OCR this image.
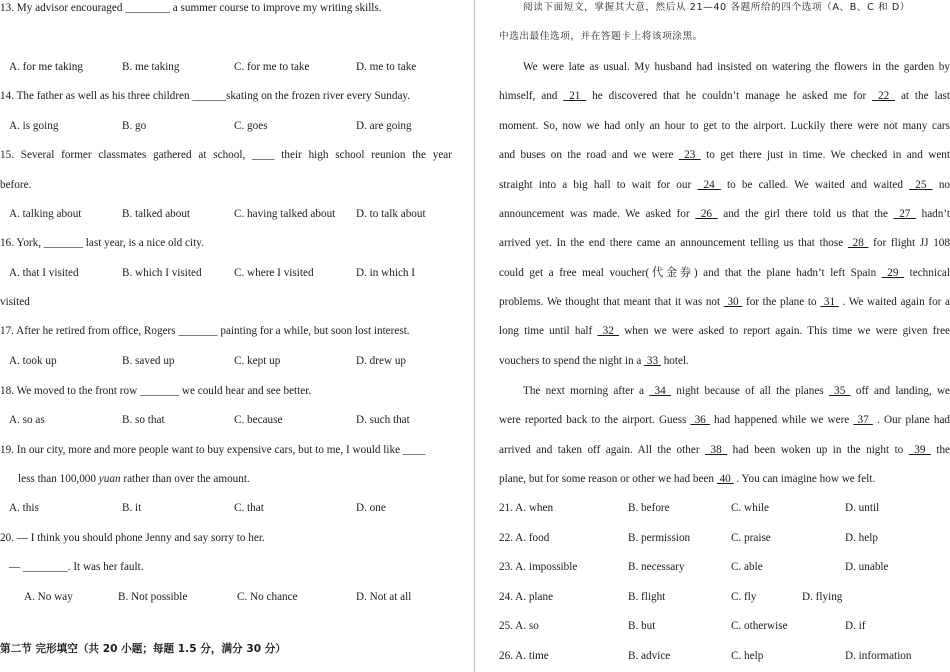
13. My advisor encouraged ________ a summer course to improve my writing skills.
A. for me taking	B. me taking	C. for me to take	D. me to take
14. The father as well as his three children ______skating on the frozen river every Sunday.
A. is going	B. go	C. goes	D. are going
15. Several former classmates gathered at school, ____ their high school reunion the year
before.
A. talking about	B. talked about	C. having talked about D. to talk about
16. York, _______ last year, is a nice old city.
A. that I visited	B. which I visited	C. where I visited	D. in which I
visited
17. After he retired from office, Rogers _______ painting for a while, but soon lost interest.
A. took up	B. saved up	C. kept up	D. drew up
18. We moved to the front row _______ we could hear and see better.
A. so as	B. so that	C. because	D. such that
19. In our city, more and more people want to buy expensive cars, but to me, I would like ____
less than 100,000 yuan rather than over the amount.
A. this	B. it	C. that	D. one
20. — I think you should phone Jenny and say sorry to her.
— ________. It was her fault.
A. No way	B. Not possible	C. No chance	D. Not at all
第二节 完形填空（共 20 小题；每题 1.5 分，满分 30 分）
阅读下面短文，掌握其大意，然后从 21—40 各题所给的四个选项（A、B、C 和 D）
中选出最佳选项，并在答题卡上将该项涂黑。
We were late as usual. My husband had insisted on watering the flowers in the garden by
himself, and  21  he discovered that he couldn’t manage he asked me for  22  at the last
moment. So, now we had only an hour to get to the airport. Luckily there were not many cars
and buses on the road and we were  23  to get there just in time. We checked in and went
straight into a big hall to wait for our  24  to be called. We waited and waited  25  no
announcement was made. We asked for  26  and the girl there told us that the  27  hadn’t
arrived yet. In the end there came an announcement telling us that those  28  for flight JJ 108
could get a free meal voucher(代金券) and that the plane hadn’t left Spain  29  technical
problems. We thought that meant that it was not  30  for the plane to  31  . We waited again for a
long time until half  32  when we were asked to report again. This time we were given free
vouchers to spend the night in a  33  hotel.
The next morning after a  34  night because of all the planes  35  off and landing, we
were reported back to the airport. Guess  36  had happened while we were  37  . Our plane had
arrived and taken off again. All the other  38  had been woken up in the night to  39  the
plane, but for some reason or other we had been  40  . You can imagine how we felt.
21. A. when	B. before	C. while	D. until
22. A. food	B. permission	C. praise	D. help
23. A. impossible	B. necessary	C. able	D. unable
24. A. plane	B. flight	C. fly	D. flying
25. A. so	B. but	C. otherwise	D. if
26. A. time	B. advice	C. help	D. information
